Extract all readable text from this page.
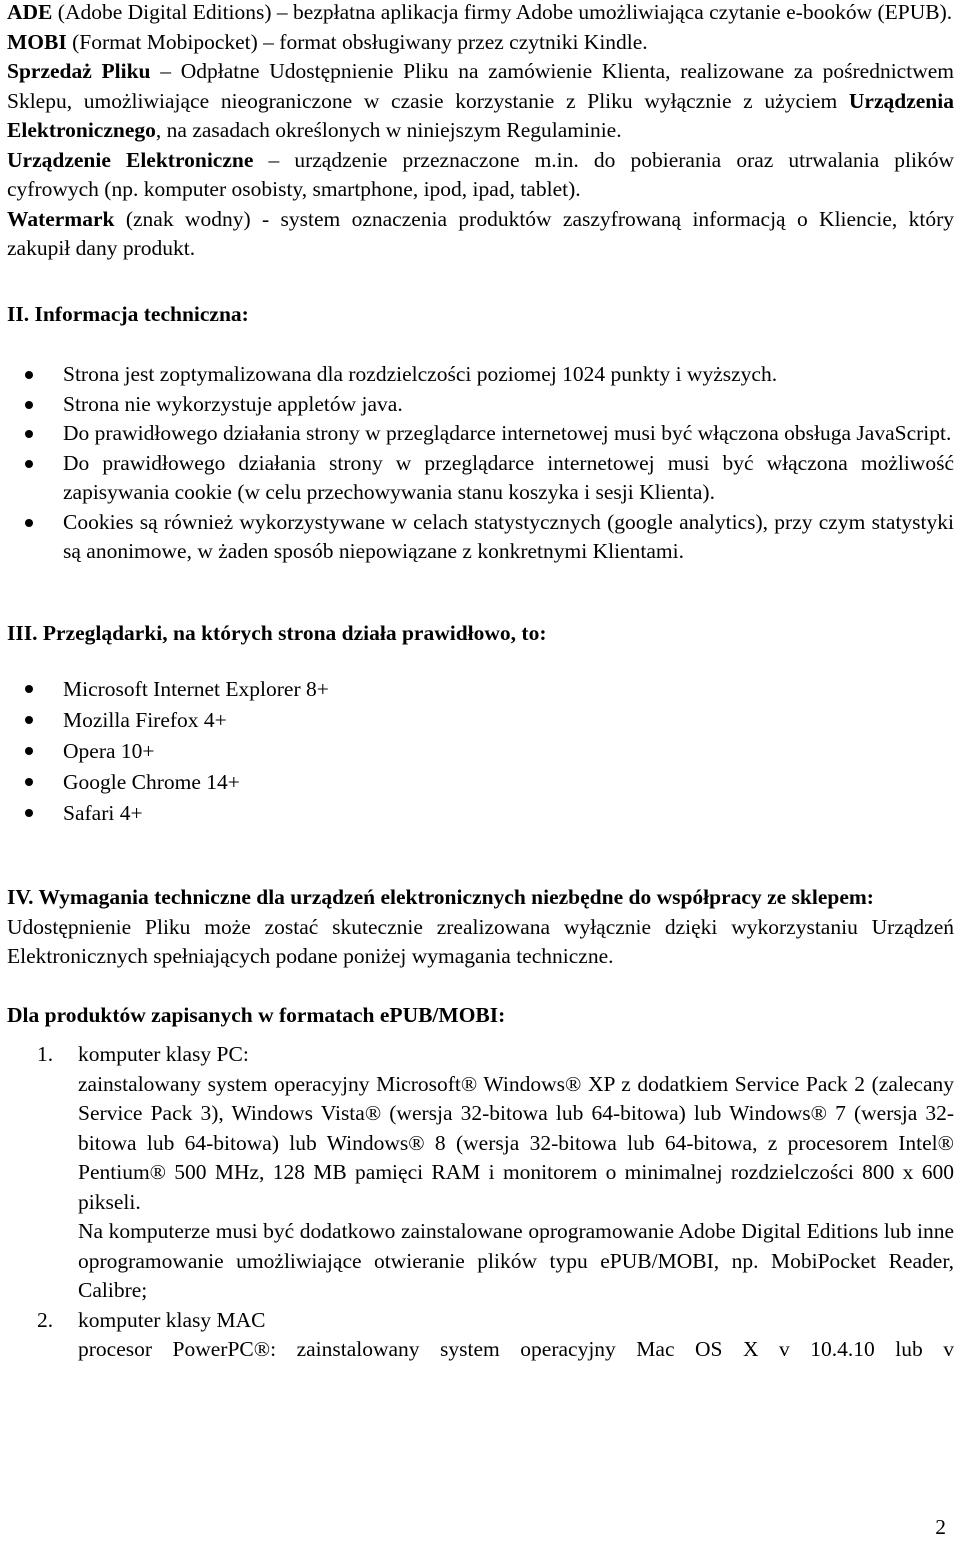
ADE (Adobe Digital Editions) – bezpłatna aplikacja firmy Adobe umożliwiająca czytanie e-booków (EPUB).

MOBI (Format Mobipocket) – format obsługiwany przez czytniki Kindle.

Sprzedaż Pliku – Odpłatne Udostępnienie Pliku na zamówienie Klienta, realizowane za pośrednictwem Sklepu, umożliwiające nieograniczone w czasie korzystanie z Pliku wyłącznie z użyciem Urządzenia Elektronicznego, na zasadach określonych w niniejszym Regulaminie.

Urządzenie Elektroniczne – urządzenie przeznaczone m.in. do pobierania oraz utrwalania plików cyfrowych (np. komputer osobisty, smartphone, ipod, ipad, tablet).

Watermark (znak wodny) - system oznaczenia produktów zaszyfrowaną informacją o Kliencie, który zakupił dany produkt.

II. Informacja techniczna:

Strona jest zoptymalizowana dla rozdzielczości poziomej 1024 punkty i wyższych.
Strona nie wykorzystuje appletów java.
Do prawidłowego działania strony w przeglądarce internetowej musi być włączona obsługa JavaScript.
Do prawidłowego działania strony w przeglądarce internetowej musi być włączona możliwość zapisywania cookie (w celu przechowywania stanu koszyka i sesji Klienta).
Cookies są również wykorzystywane w celach statystycznych (google analytics), przy czym statystyki są anonimowe, w żaden sposób niepowiązane z konkretnymi Klientami.

III. Przeglądarki, na których strona działa prawidłowo, to:

Microsoft Internet Explorer 8+
Mozilla Firefox 4+
Opera 10+
Google Chrome 14+
Safari 4+

IV. Wymagania techniczne dla urządzeń elektronicznych niezbędne do współpracy ze sklepem:

Udostępnienie Pliku może zostać skutecznie zrealizowana wyłącznie dzięki wykorzystaniu Urządzeń Elektronicznych spełniających podane poniżej wymagania techniczne.

Dla produktów zapisanych w formatach ePUB/MOBI:

1. komputer klasy PC:

zainstalowany system operacyjny Microsoft® Windows® XP z dodatkiem Service Pack 2 (zalecany Service Pack 3), Windows Vista® (wersja 32-bitowa lub 64-bitowa) lub Windows® 7 (wersja 32-bitowa lub 64-bitowa) lub Windows® 8 (wersja 32-bitowa lub 64-bitowa, z procesorem Intel® Pentium® 500 MHz, 128 MB pamięci RAM i monitorem o minimalnej rozdzielczości 800 x 600 pikseli.

Na komputerze musi być dodatkowo zainstalowane oprogramowanie Adobe Digital Editions lub inne oprogramowanie umożliwiające otwieranie plików typu ePUB/MOBI, np. MobiPocket Reader, Calibre;

2. komputer klasy MAC

procesor PowerPC®: zainstalowany system operacyjny Mac OS X v 10.4.10 lub v

2
